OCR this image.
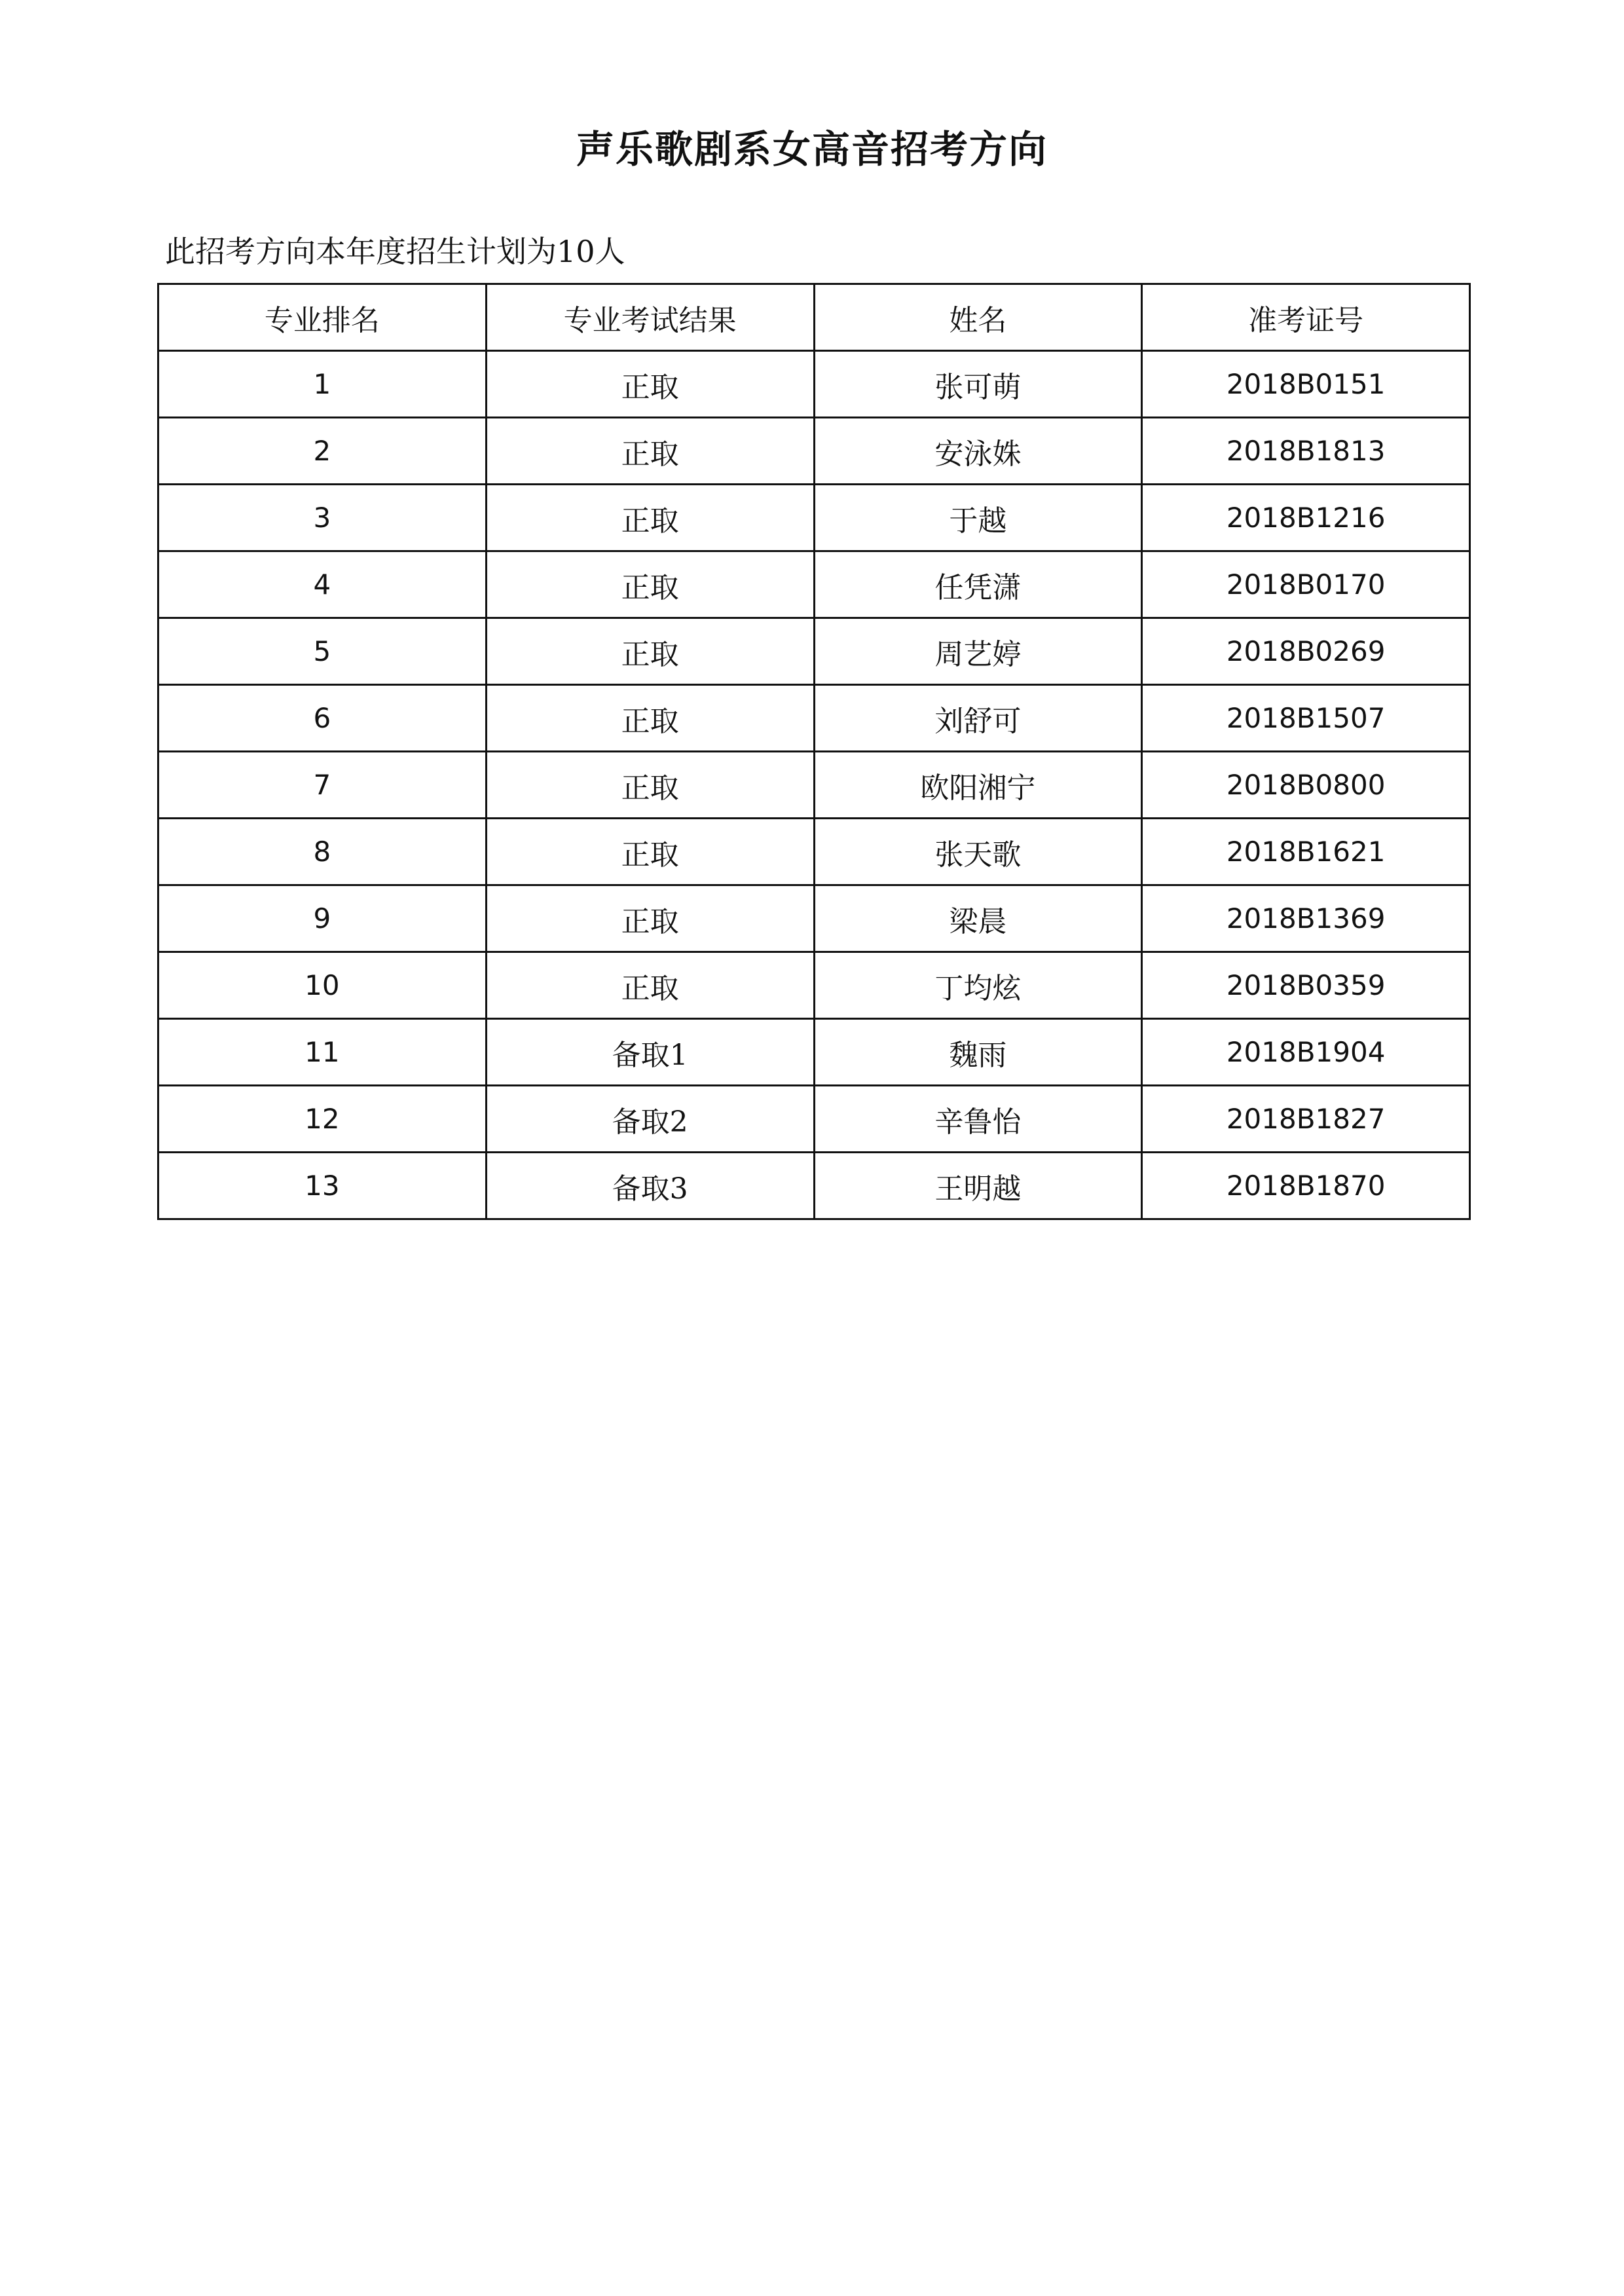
声乐歌剧系女高音招考方向
此招考方向本年度招生计划为10人
专业排名	专业考试结果	姓名	准考证号
1	正取	张可萌	2018B0151
2	正取	安泳姝	2018B1813
3	正取	于越	2018B1216
4	正取	任凭潇	2018B0170
5	正取	周艺婷	2018B0269
6	正取	刘舒可	2018B1507
7	正取	欧阳湘宁	2018B0800
8	正取	张天歌	2018B1621
9	正取	梁晨	2018B1369
10	正取	丁均炫	2018B0359
11	备取1	魏雨	2018B1904
12	备取2	辛鲁怡	2018B1827
13	备取3	王明越	2018B1870
